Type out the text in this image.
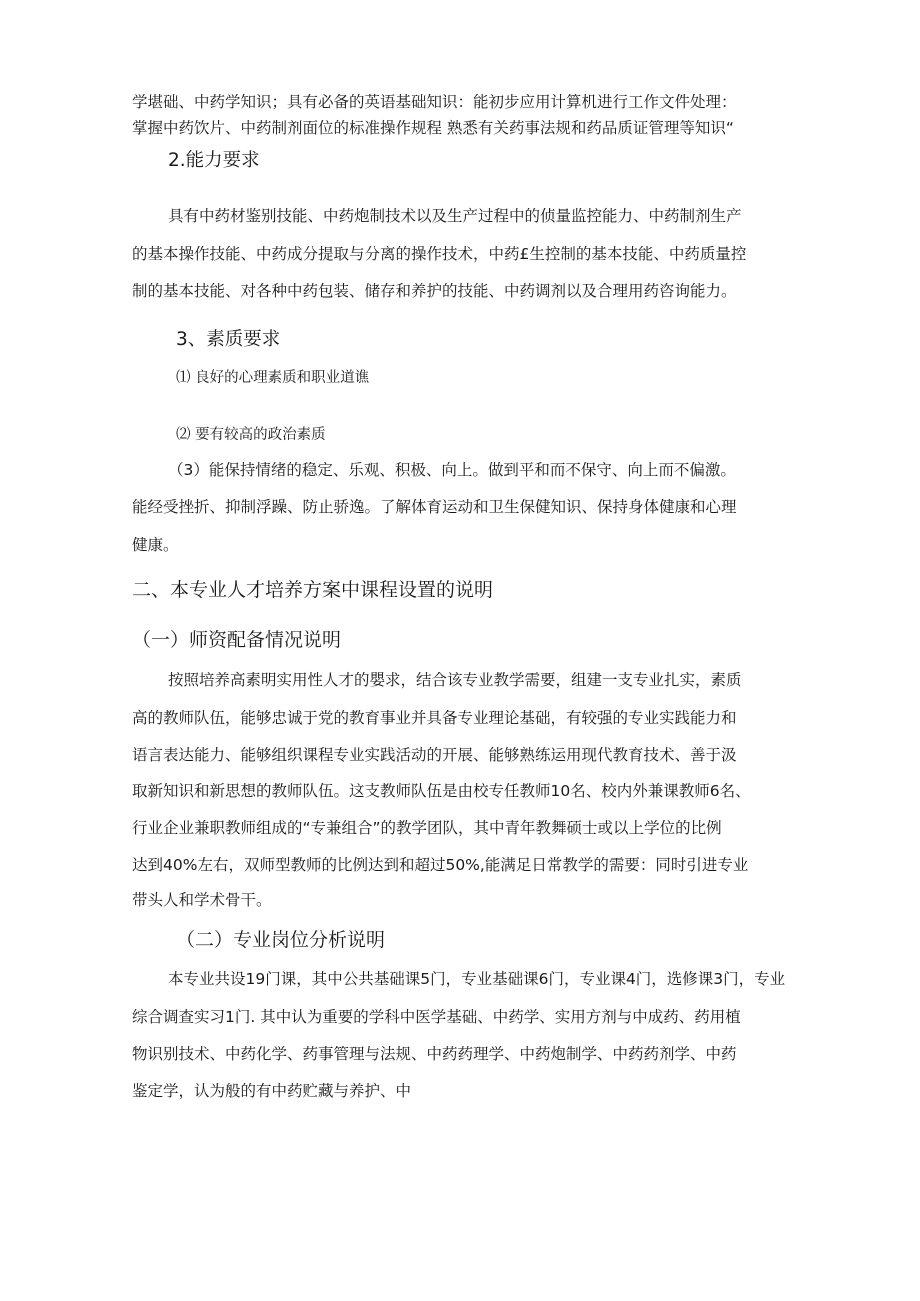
学堪础、中药学知识；具有必备的英语基础知识：能初步应用计算机进行工作文件处理：
掌握中药饮片、中药制剂面位的标准操作规程 熟悉有关药事法规和药品质证管理等知识“
2.能力要求
具有中药材鉴别技能、中药炮制技术以及生产过程中的侦量监控能力、中药制剂生产
的基本操作技能、中药成分提取与分离的操作技术，中药£生控制的基本技能、中药质量控
制的基本技能、对各种中药包装、储存和养护的技能、中药调剂以及合理用药咨询能力。
3、素质要求
⑴ 良好的心理素质和职业道谯
⑵ 要有较高的政治素质
（3）能保持情绪的稳定、乐观、积极、向上。做到平和而不保守、向上而不偏激。
能经受挫折、抑制浮躁、防止骄逸。了解体育运动和卫生保健知识、保持身体健康和心理
健康。
二、本专业人才培养方案中课程设置的说明
（一）师资配备情况说明
按照培养高素明实用性人才的嬰求，结合该专业教学需要，组建一支专业扎实，素质
高的教师队伍，能够忠诚于党的教育事业并具备专业理论基础，有较强的专业实践能力和
语言表达能力、能够组织课程专业实践活动的开展、能够熟练运用现代教育技术、善于汲
取新知识和新思想的教师队伍。这支教师队伍是由校专任教师10名、校内外兼课教师6名、
行业企业兼职教师组成的“专兼组合”的教学团队，其中青年教舞硕士或以上学位的比例
达到40%左右，双师型教师的比例达到和超过50%,能满足日常教学的需要：同时引进专业
带头人和学术骨干。
（二）专业岗位分析说明
本专业共设19门课，其中公共基础课5门，专业基础课6门，专业课4门，选修课3门，专业
综合调查实习1门. 其中认为重要的学科中医学基础、中药学、实用方剂与中成药、药用植
物识别技术、中药化学、药事管理与法规、中药药理学、中药炮制学、中药药剂学、中药
鉴定学，认为般的有中药贮藏与养护、中
